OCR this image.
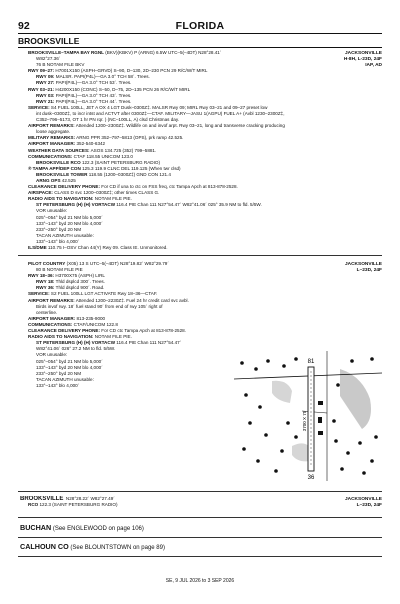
92	FLORIDA
BROOKSVILLE
JACKSONVILLE
H-8H, L-23D, 24F
IAP, AD
BROOKSVILLE–TAMPA BAY RGNL (BKV)(KBKV) P (ARNG) 6.5W UTC–5(–4DT) N28°28.41´
W82°27.36´
76 B NOTAM FILE BKV
RWY 09–27: H7001X150 (ASPH–GRVD) S–90, D–130, 2D–230 PCN 29 R/C/W/T MIRL
RWY 09: MALSR. PAPI(P4L)—GA 3.0° TCH 58´. Trees.
RWY 27: PAPI(P4L)—GA 3.0° TCH 53´. Trees.
RWY 03–21: H4200X150 (CONC) S–50, D–75, 2D–135 PCN 26 R/C/W/T MIRL
RWY 03: PAPI(P4L)—GA 3.0° TCH 43´. Trees.
RWY 21: PAPI(P4L)—GA 3.0° TCH 44´. Trees.
SERVICE: S4 FUEL 100LL, JET A OX 4 LGT Dusk–0300Z‡. MALSR Rwy 09; MIRL Rwy 03–21 and 09–27 preset low
int dusk–0300Z‡, to incr intst and ACTVT after 0300Z‡—CTAF. MILITARY—JASU 1(AGPU) FUEL A+ (Avbl 1230–2300Z‡,
C352–796–5173, OT 1 hr PN rqr. ) (NC–100LL, A) clsd Christmas day.
AIRPORT REMARKS: Attended 1200–2300Z‡. Wildlife on and invof arpt. Rwy 03–21, long and transverse cracking producing
loose aggregate.
MILITARY REMARKS: ARNG PPR 352–797–5813 (OPS), prk ramp 42.525.
AIRPORT MANAGER: 352-540-6342
WEATHER DATA SOURCES: ASOS 134.725 (352) 799–5881.
COMMUNICATIONS: CTAF 118.55 UNICOM 123.0
BROOKSVILLE RCO 122.3 (SAINT PETERSBURG RADIO)
® TAMPA APP/DEP CON 125.3 119.9 CLNC DEL 119.125 (When twr clsd)
BROOKSVILLE TOWER 118.55 (1200–0300Z‡) GND CON 121.4
ARNG OPS 42.525
CLEARANCE DELIVERY PHONE: For CD if una to ctc on FSS freq, ctc Tampa Apch at 813-878-2528.
AIRSPACE: CLASS D svc 1200–0300Z‡; other times CLASS G.
RADIO AIDS TO NAVIGATION: NOTAM FILE PIE.
ST PETERSBURG (H) (H) VORTACW 116.4 PIE Chan 111 N27°54.47´ W82°41.06´ 025° 35.9 NM to fld. 5/5W.
VOR unusable:
025°–054° byd 21 NM blo 5,000´
133°–143° byd 20 NM blo 4,000´
233°–250° byd 20 NM
TACAN AZIMUTH unusable:
133°–143° blo 4,000´
ILS/DME 110.75 I–OSV Chan 44(Y) Rwy 09. Class IE. Unmonitored.
JACKSONVILLE
L–23D, 24F
PILOT COUNTRY (X05) 13 S UTC–5(–4DT) N28°19.82´ W82°29.79´
80 B NOTAM FILE PIE
RWY 18–36: H3700X75 (ASPH) LIRL
RWY 18: Thld dsplcd 300´. Trees.
RWY 36: Thld dsplcd 900´. Road.
SERVICE: S2 FUEL 100LL LGT ACTIVATE Rwy 18–36—CTAF.
AIRPORT REMARKS: Attended 1200–2230Z‡. Fuel 24 hr credit card svc avbl.
Birds invof rwy. 18´ fuel stand 90´ from end of rwy 105´ right of
centerline.
AIRPORT MANAGER: 813-235-9000
COMMUNICATIONS: CTAF/UNICOM 122.8
CLEARANCE DELIVERY PHONE: For CD ctc Tampa Apch at 813-878-2528.
RADIO AIDS TO NAVIGATION: NOTAM FILE PIE.
ST PETERSBURG (H) (H) VORTACW 116.4 PIE Chan 111 N27°54.47´
W82°41.06´ 026° 27.2 NM to fld. 5/5W.
VOR unusable:
025°–054° byd 21 NM blo 5,000´
133°–143° byd 20 NM blo 4,000´
233°–250° byd 20 NM
TACAN AZIMUTH unusable:
133°–143° blo 4,000´
81
36
3700 X 75
BROOKSVILLE N28°28.22´ W82°27.49´
RCO 122.3 (SAINT PETERSBURG RADIO)
JACKSONVILLE
L–23D, 24F
BUCHAN (See ENGLEWOOD on page 106)
CALHOUN CO (See BLOUNTSTOWN on page 89)
SE, 9 JUL 2026 to 3 SEP 2026
